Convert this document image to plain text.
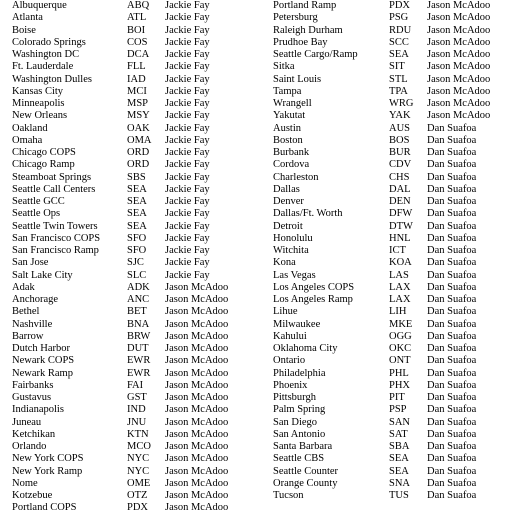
Albuquerque	ABQ	Jackie Fay
Atlanta	ATL	Jackie Fay
Boise	BOI	Jackie Fay
Colorado Springs	COS	Jackie Fay
Washington DC	DCA	Jackie Fay
Ft. Lauderdale	FLL	Jackie Fay
Washington Dulles	IAD	Jackie Fay
Kansas City	MCI	Jackie Fay
Minneapolis	MSP	Jackie Fay
New Orleans	MSY	Jackie Fay
Oakland	OAK	Jackie Fay
Omaha	OMA	Jackie Fay
Chicago COPS	ORD	Jackie Fay
Chicago Ramp	ORD	Jackie Fay
Steamboat Springs	SBS	Jackie Fay
Seattle Call Centers	SEA	Jackie Fay
Seattle GCC	SEA	Jackie Fay
Seattle Ops	SEA	Jackie Fay
Seattle Twin Towers	SEA	Jackie Fay
San Francisco COPS	SFO	Jackie Fay
San Francisco Ramp	SFO	Jackie Fay
San Jose	SJC	Jackie Fay
Salt Lake City	SLC	Jackie Fay
Adak	ADK	Jason McAdoo
Anchorage	ANC	Jason McAdoo
Bethel	BET	Jason McAdoo
Nashville	BNA	Jason McAdoo
Barrow	BRW	Jason McAdoo
Dutch Harbor	DUT	Jason McAdoo
Newark COPS	EWR	Jason McAdoo
Newark Ramp	EWR	Jason McAdoo
Fairbanks	FAI	Jason McAdoo
Gustavus	GST	Jason McAdoo
Indianapolis	IND	Jason McAdoo
Juneau	JNU	Jason McAdoo
Ketchikan	KTN	Jason McAdoo
Orlando	MCO	Jason McAdoo
New York COPS	NYC	Jason McAdoo
New York Ramp	NYC	Jason McAdoo
Nome	OME	Jason McAdoo
Kotzebue	OTZ	Jason McAdoo
Portland COPS	PDX	Jason McAdoo
Portland Ramp	PDX	Jason McAdoo
Petersburg	PSG	Jason McAdoo
Raleigh Durham	RDU	Jason McAdoo
Prudhoe Bay	SCC	Jason McAdoo
Seattle Cargo/Ramp	SEA	Jason McAdoo
Sitka	SIT	Jason McAdoo
Saint Louis	STL	Jason McAdoo
Tampa	TPA	Jason McAdoo
Wrangell	WRG	Jason McAdoo
Yakutat	YAK	Jason McAdoo
Austin	AUS	Dan Suafoa
Boston	BOS	Dan Suafoa
Burbank	BUR	Dan Suafoa
Cordova	CDV	Dan Suafoa
Charleston	CHS	Dan Suafoa
Dallas	DAL	Dan Suafoa
Denver	DEN	Dan Suafoa
Dallas/Ft. Worth	DFW	Dan Suafoa
Detroit	DTW	Dan Suafoa
Honolulu	HNL	Dan Suafoa
Witchita	ICT	Dan Suafoa
Kona	KOA	Dan Suafoa
Las Vegas	LAS	Dan Suafoa
Los Angeles COPS	LAX	Dan Suafoa
Los Angeles Ramp	LAX	Dan Suafoa
Lihue	LIH	Dan Suafoa
Milwaukee	MKE	Dan Suafoa
Kahului	OGG	Dan Suafoa
Oklahoma City	OKC	Dan Suafoa
Ontario	ONT	Dan Suafoa
Philadelphia	PHL	Dan Suafoa
Phoenix	PHX	Dan Suafoa
Pittsburgh	PIT	Dan Suafoa
Palm Spring	PSP	Dan Suafoa
San Diego	SAN	Dan Suafoa
San Antonio	SAT	Dan Suafoa
Santa Barbara	SBA	Dan Suafoa
Seattle CBS	SEA	Dan Suafoa
Seattle Counter	SEA	Dan Suafoa
Orange County	SNA	Dan Suafoa
Tucson	TUS	Dan Suafoa
